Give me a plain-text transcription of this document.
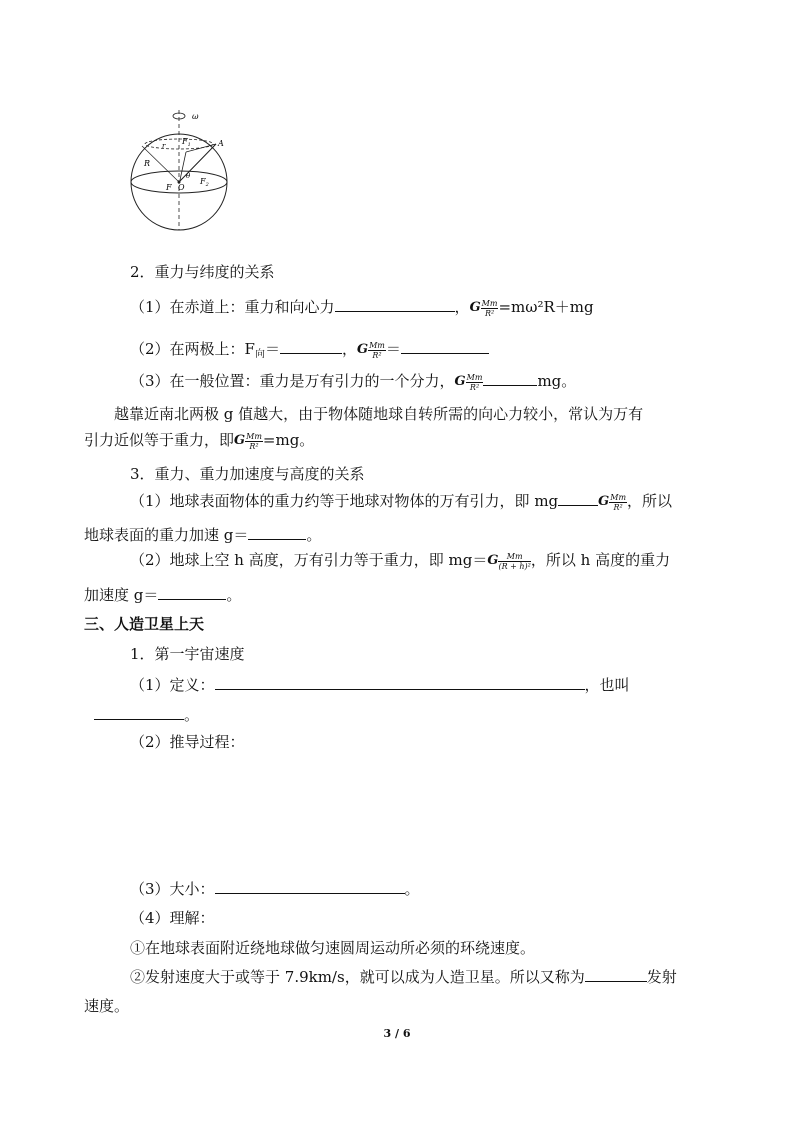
ω
A
$F_1$
r
R
θ
$F_2$
F O
2．重力与纬度的关系
（1）在赤道上：重力和向心力	，G $\frac{Mm}{\text{R²}} =m\omega^2R+mg$
（2）在两极上：$F_向=$	，G $\frac{Mm}{\text{R²}}$ ＝
（3）在一般位置：重力是万有引力的一个分力，G $\frac{Mm}{\text{R²}}$	mg。
越靠近南北两极 g 值越大，由于物体随地球自转所需的向心力较小，常认为万有
引力近似等于重力，即G $\frac{Mm}{\text{R²}} =mg$。
3．重力、重力加速度与高度的关系
（1）地球表面物体的重力约等于地球对物体的万有引力，即 mg	G $\frac{Mm}{\text{R²}}$ ，所以
地球表面的重力加速 g＝	。
（2）地球上空 h 高度，万有引力等于重力，即 $mg=G \frac{Mm}{\text{(R + h)²}}$ ，所以 h 高度的重力
加速度 g＝	。
三、人造卫星上天
1．第一宇宙速度
（1）定义：	，也叫
。
（2）推导过程：
（3）大小：	。
（4）理解：
①在地球表面附近绕地球做匀速圆周运动所必须的环绕速度。
②发射速度大于或等于 7.9km/s，就可以成为人造卫星。所以又称为	发射
速度。
3 / 6
